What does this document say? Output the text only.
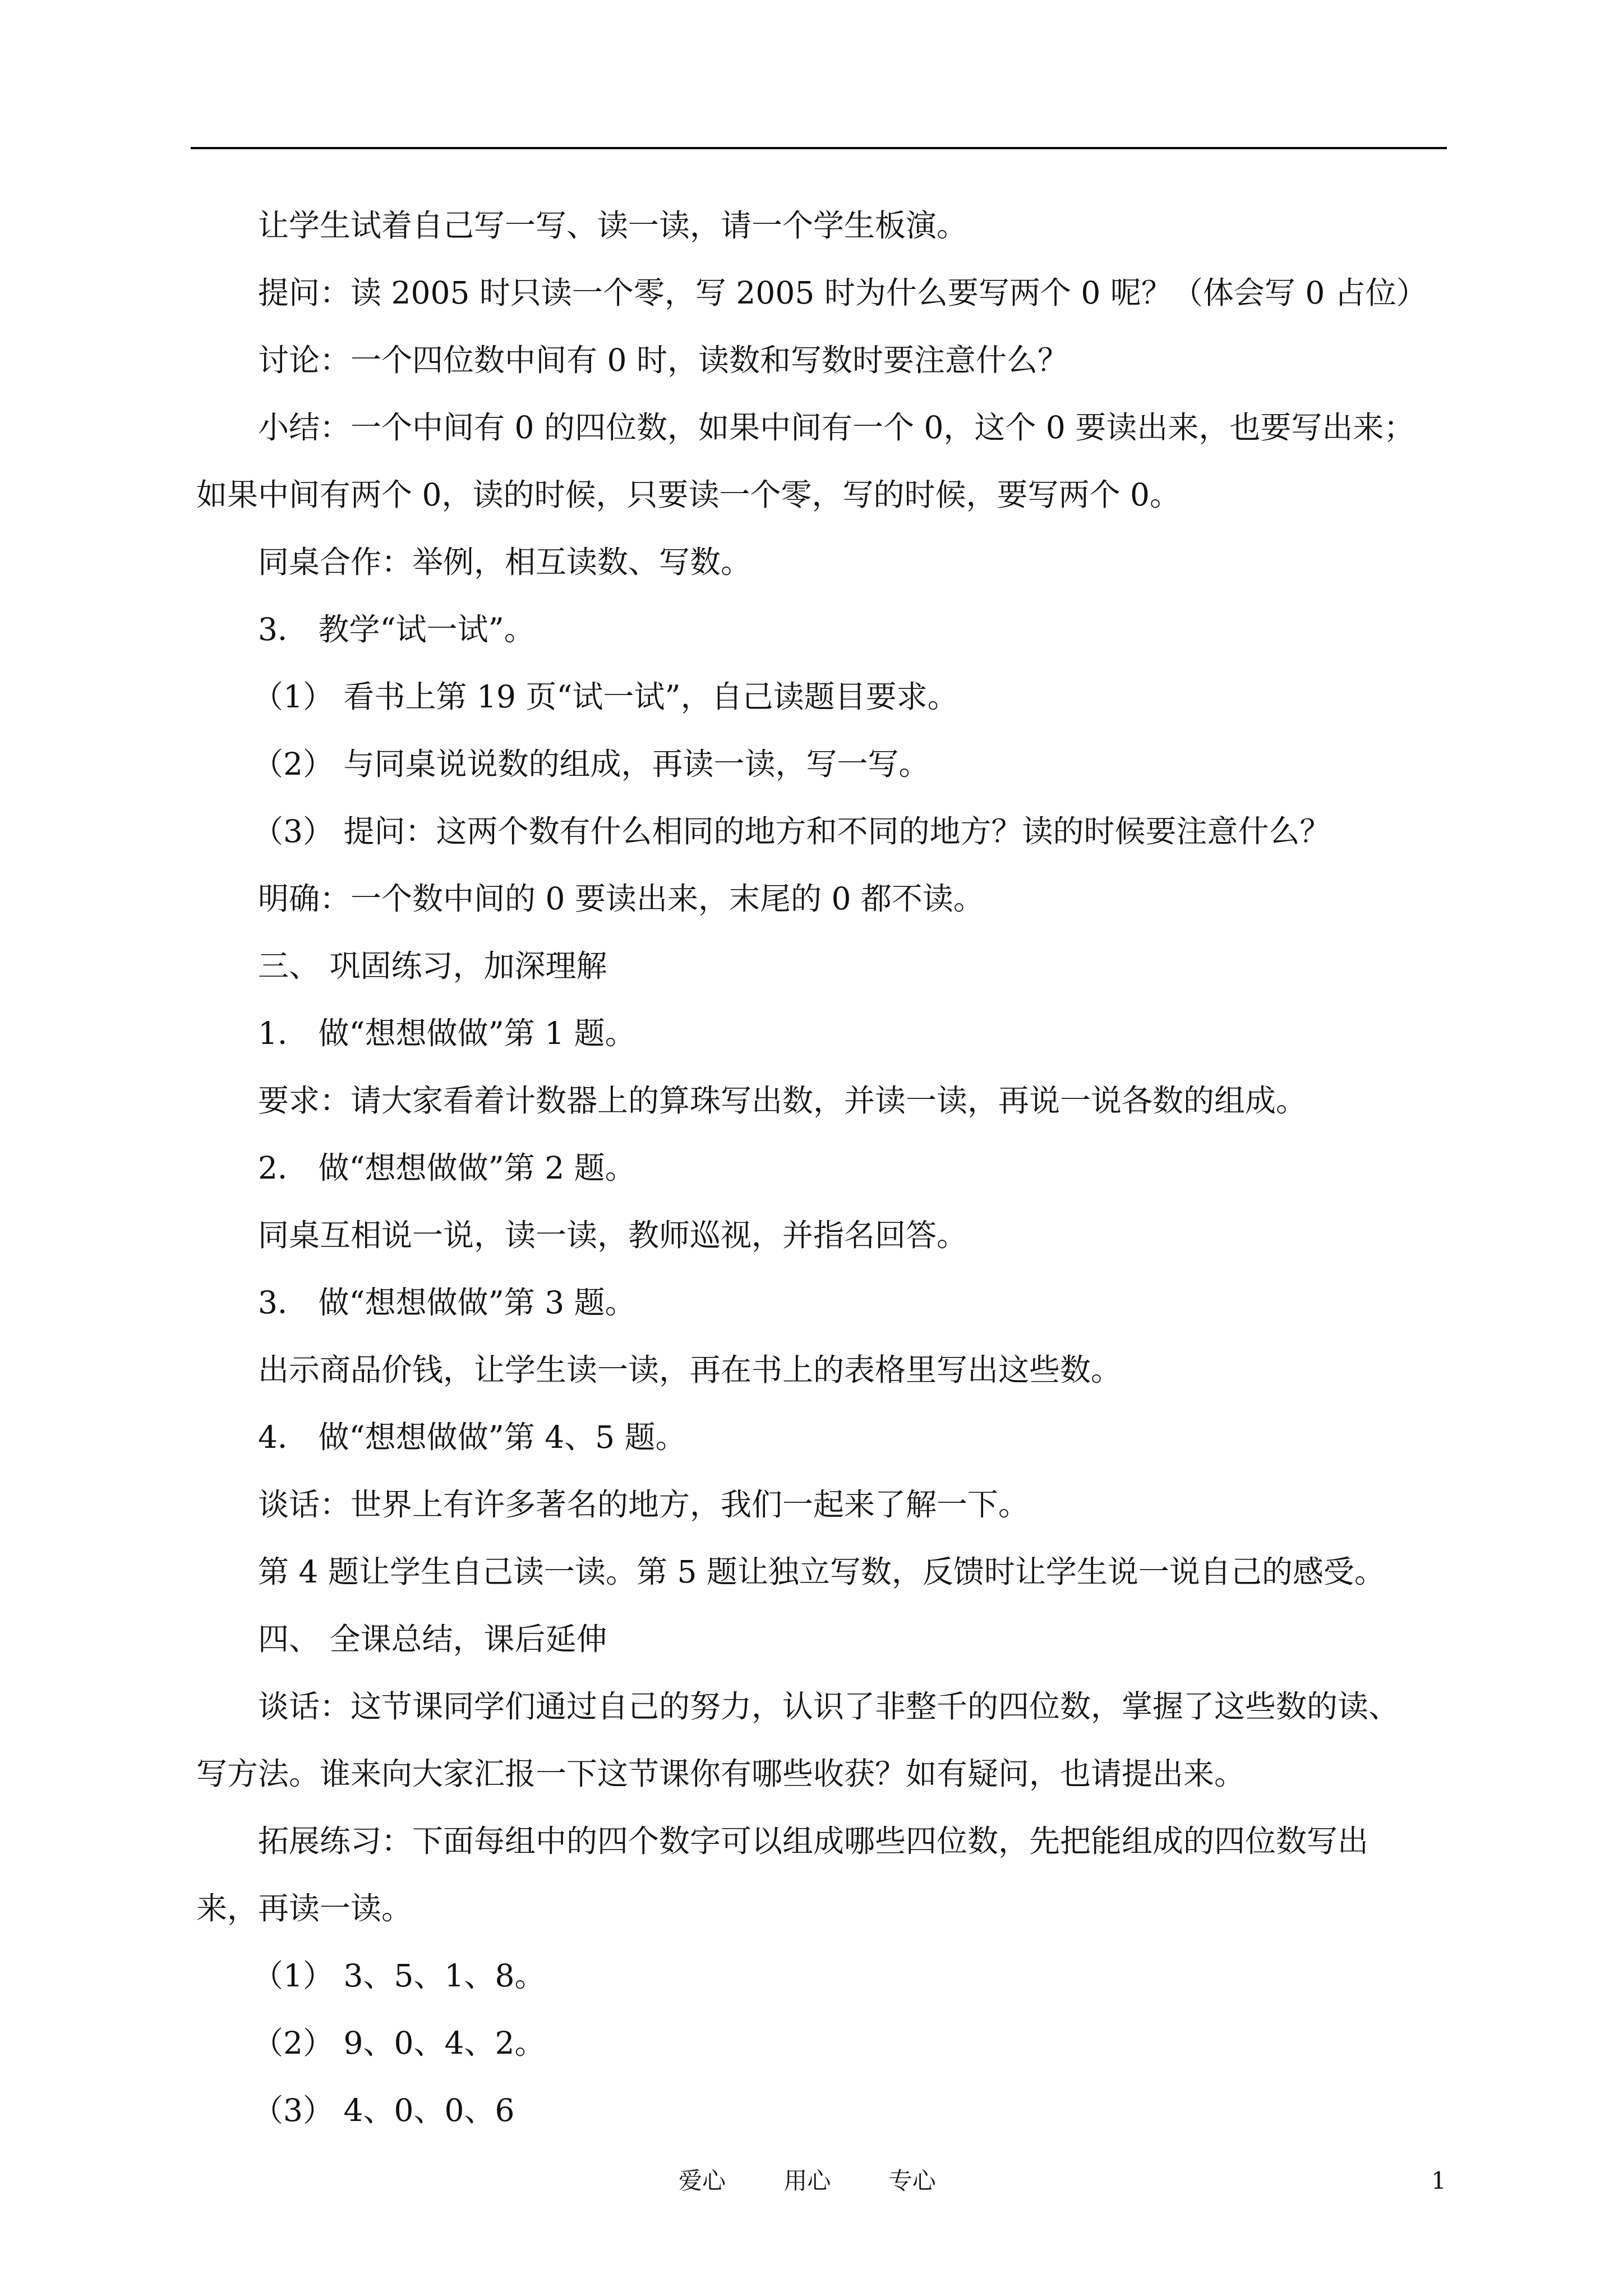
让学生试着自己写一写、读一读，请一个学生板演。
提问：读 2005 时只读一个零，写 2005 时为什么要写两个 0 呢？（体会写 0 占位）
讨论：一个四位数中间有 0 时，读数和写数时要注意什么？
小结：一个中间有 0 的四位数，如果中间有一个 0，这个 0 要读出来，也要写出来；
如果中间有两个 0，读的时候，只要读一个零，写的时候，要写两个 0。
同桌合作：举例，相互读数、写数。
3． 教学“试一试”。
（1） 看书上第 19 页“试一试”，自己读题目要求。
（2） 与同桌说说数的组成，再读一读，写一写。
（3） 提问：这两个数有什么相同的地方和不同的地方？读的时候要注意什么？
明确：一个数中间的 0 要读出来，末尾的 0 都不读。
三、 巩固练习，加深理解
1． 做“想想做做”第 1 题。
要求：请大家看着计数器上的算珠写出数，并读一读，再说一说各数的组成。
2． 做“想想做做”第 2 题。
同桌互相说一说，读一读，教师巡视，并指名回答。
3． 做“想想做做”第 3 题。
出示商品价钱，让学生读一读，再在书上的表格里写出这些数。
4． 做“想想做做”第 4、5 题。
谈话：世界上有许多著名的地方，我们一起来了解一下。
第 4 题让学生自己读一读。第 5 题让独立写数，反馈时让学生说一说自己的感受。
四、 全课总结，课后延伸
谈话：这节课同学们通过自己的努力，认识了非整千的四位数，掌握了这些数的读、
写方法。谁来向大家汇报一下这节课你有哪些收获？如有疑问，也请提出来。
拓展练习：下面每组中的四个数字可以组成哪些四位数，先把能组成的四位数写出
来，再读一读。
（1） 3、5、1、8。
（2） 9、0、4、2。
（3） 4、0、0、6
爱心 用心 专心	1
